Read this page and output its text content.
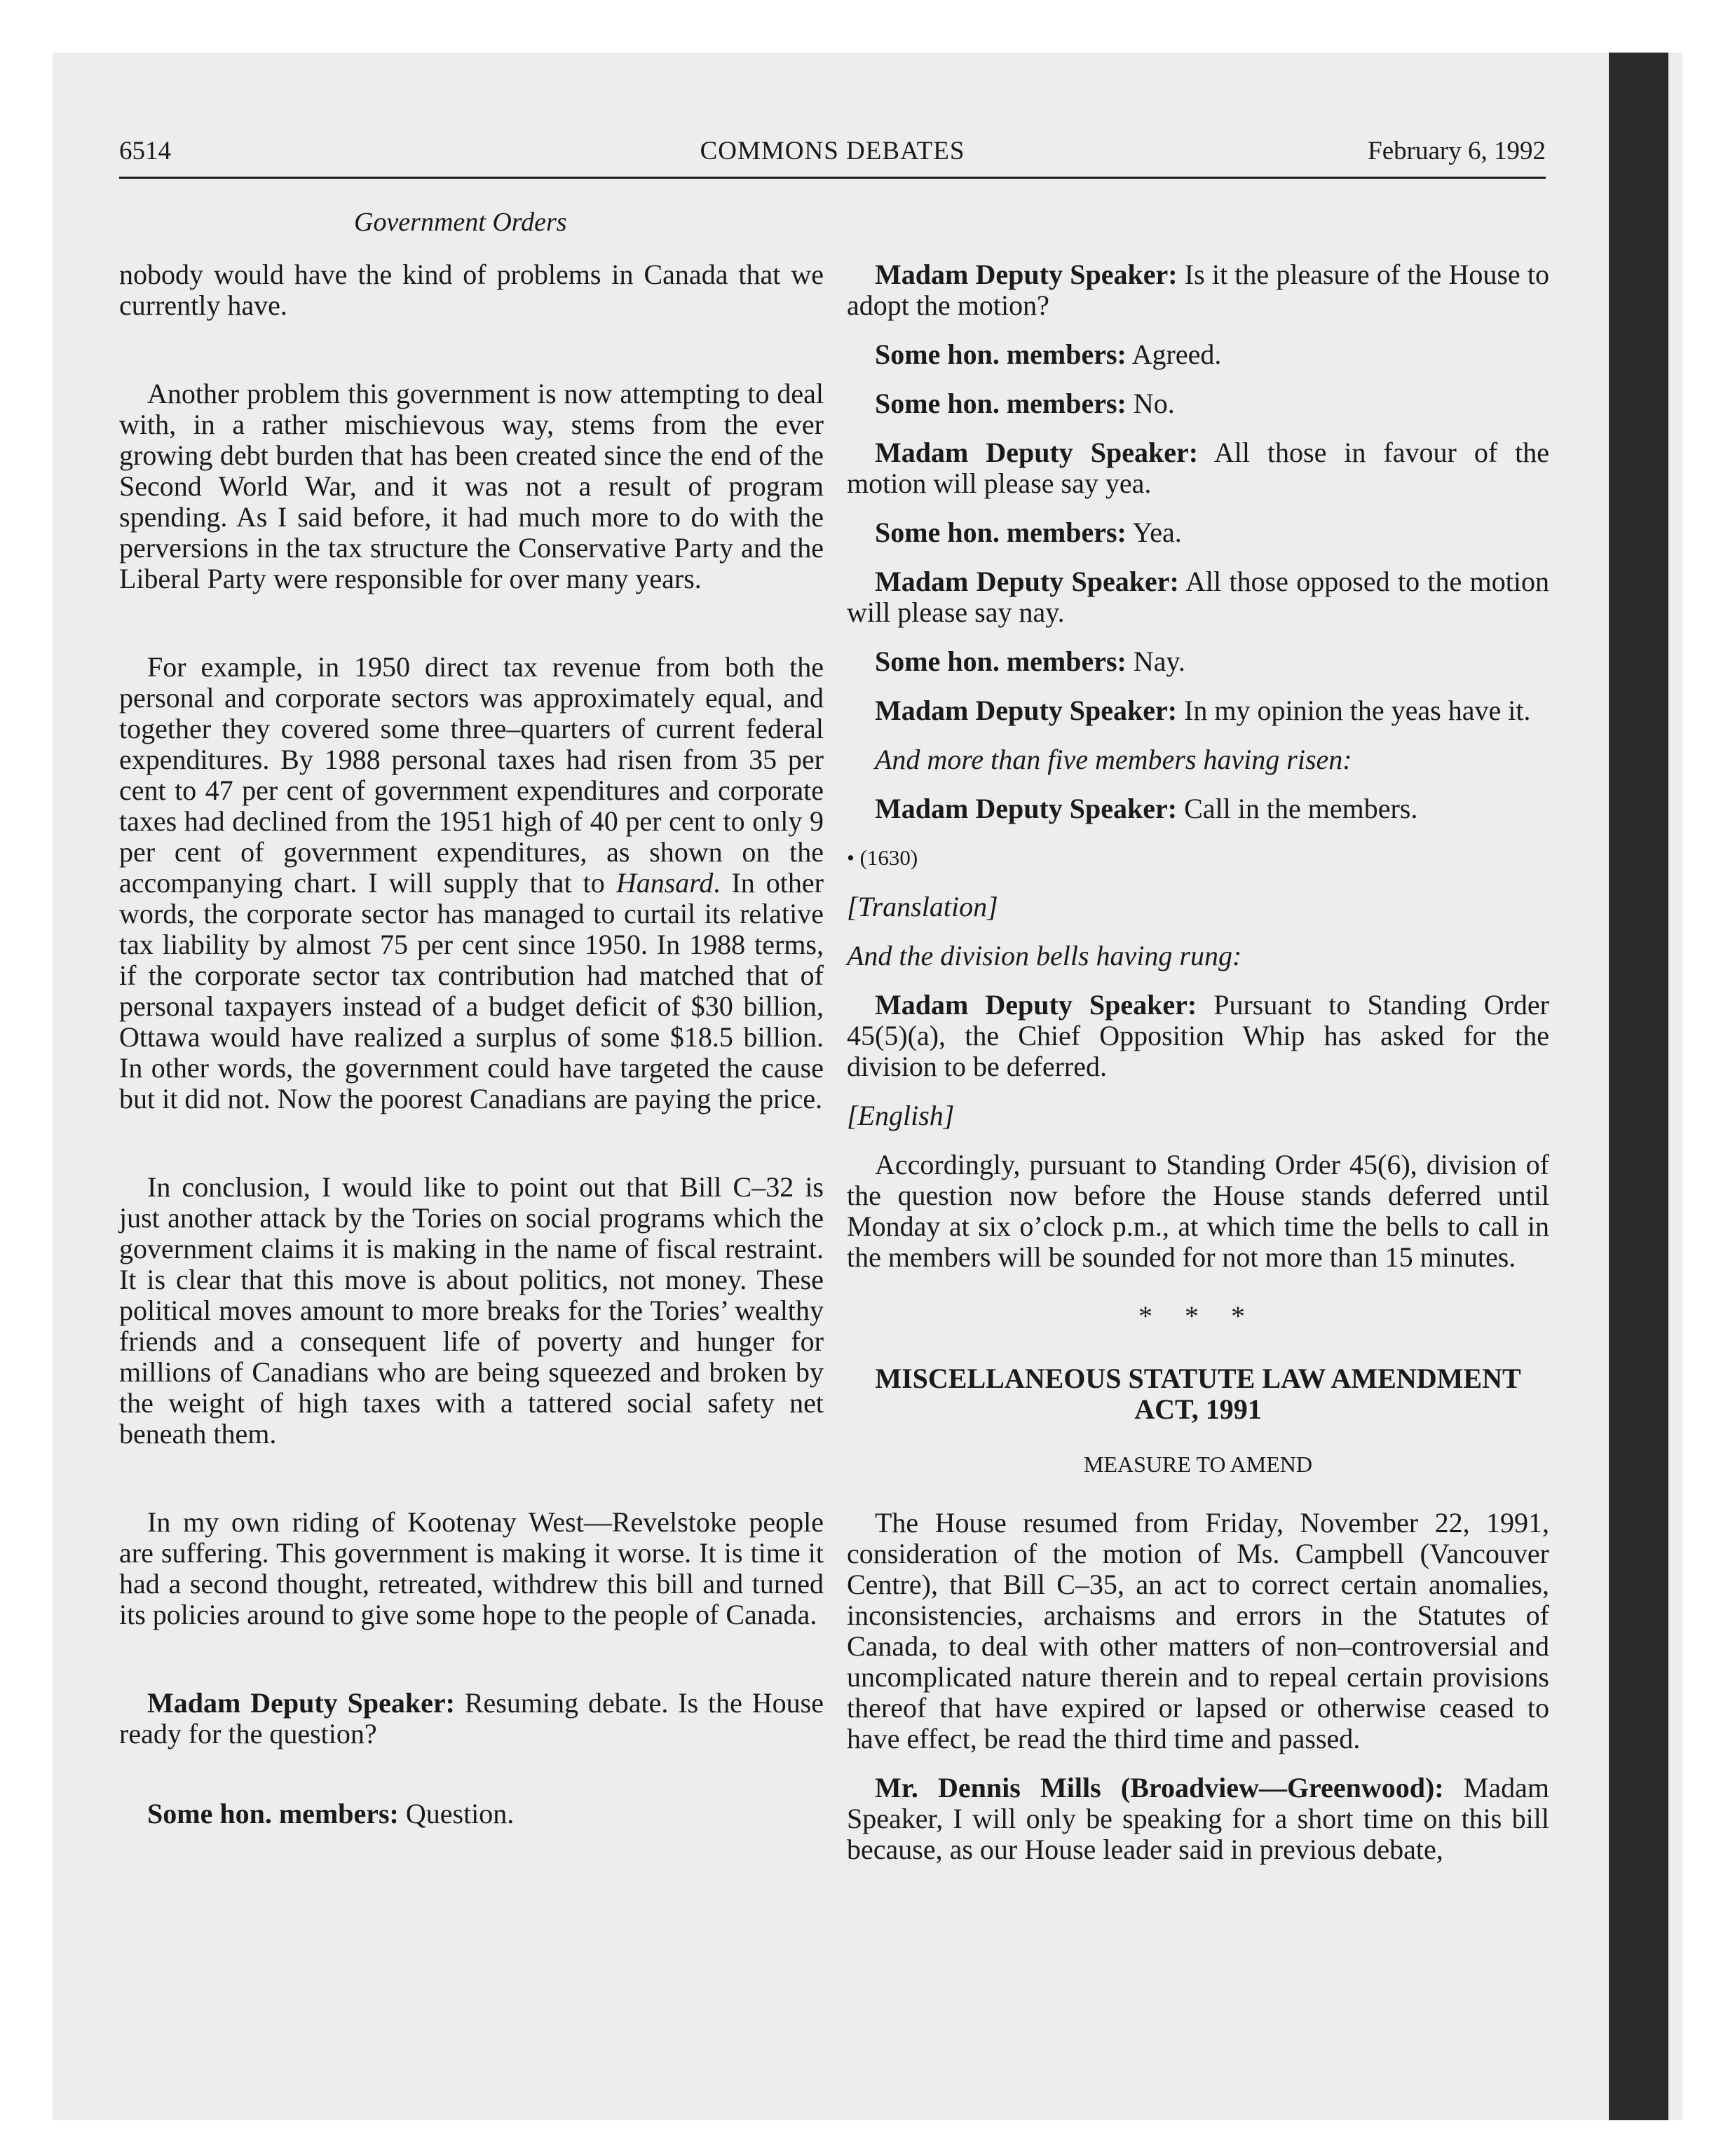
6514	COMMONS DEBATES	February 6, 1992
Government Orders

nobody would have the kind of problems in Canada that we currently have.

Another problem this government is now attempting to deal with, in a rather mischievous way, stems from the ever growing debt burden that has been created since the end of the Second World War, and it was not a result of program spending. As I said before, it had much more to do with the perversions in the tax structure the Conservative Party and the Liberal Party were responsible for over many years.

For example, in 1950 direct tax revenue from both the personal and corporate sectors was approximately equal, and together they covered some three–quarters of current federal expenditures. By 1988 personal taxes had risen from 35 per cent to 47 per cent of government expenditures and corporate taxes had declined from the 1951 high of 40 per cent to only 9 per cent of government expenditures, as shown on the accompanying chart. I will supply that to Hansard. In other words, the corporate sector has managed to curtail its relative tax liability by almost 75 per cent since 1950. In 1988 terms, if the corporate sector tax contribution had matched that of personal taxpayers instead of a budget deficit of $30 billion, Ottawa would have realized a surplus of some $18.5 billion. In other words, the government could have targeted the cause but it did not. Now the poorest Canadians are paying the price.

In conclusion, I would like to point out that Bill C–32 is just another attack by the Tories on social programs which the government claims it is making in the name of fiscal restraint. It is clear that this move is about politics, not money. These political moves amount to more breaks for the Tories’ wealthy friends and a consequent life of poverty and hunger for millions of Canadians who are being squeezed and broken by the weight of high taxes with a tattered social safety net beneath them.

In my own riding of Kootenay West—Revelstoke people are suffering. This government is making it worse. It is time it had a second thought, retreated, withdrew this bill and turned its policies around to give some hope to the people of Canada.

Madam Deputy Speaker: Resuming debate. Is the House ready for the question?

Some hon. members: Question.

Madam Deputy Speaker: Is it the pleasure of the House to adopt the motion?

Some hon. members: Agreed.

Some hon. members: No.

Madam Deputy Speaker: All those in favour of the motion will please say yea.

Some hon. members: Yea.

Madam Deputy Speaker: All those opposed to the motion will please say nay.

Some hon. members: Nay.

Madam Deputy Speaker: In my opinion the yeas have it.

And more than five members having risen:

Madam Deputy Speaker: Call in the members.

• (1630)

[Translation]

And the division bells having rung:

Madam Deputy Speaker: Pursuant to Standing Order 45(5)(a), the Chief Opposition Whip has asked for the division to be deferred.

[English]

Accordingly, pursuant to Standing Order 45(6), division of the question now before the House stands deferred until Monday at six o’clock p.m., at which time the bells to call in the members will be sounded for not more than 15 minutes.

* * *

MISCELLANEOUS STATUTE LAW AMENDMENT ACT, 1991

MEASURE TO AMEND

The House resumed from Friday, November 22, 1991, consideration of the motion of Ms. Campbell (Vancouver Centre), that Bill C–35, an act to correct certain anomalies, inconsistencies, archaisms and errors in the Statutes of Canada, to deal with other matters of non–controversial and uncomplicated nature therein and to repeal certain provisions thereof that have expired or lapsed or otherwise ceased to have effect, be read the third time and passed.

Mr. Dennis Mills (Broadview—Greenwood): Madam Speaker, I will only be speaking for a short time on this bill because, as our House leader said in previous debate,
